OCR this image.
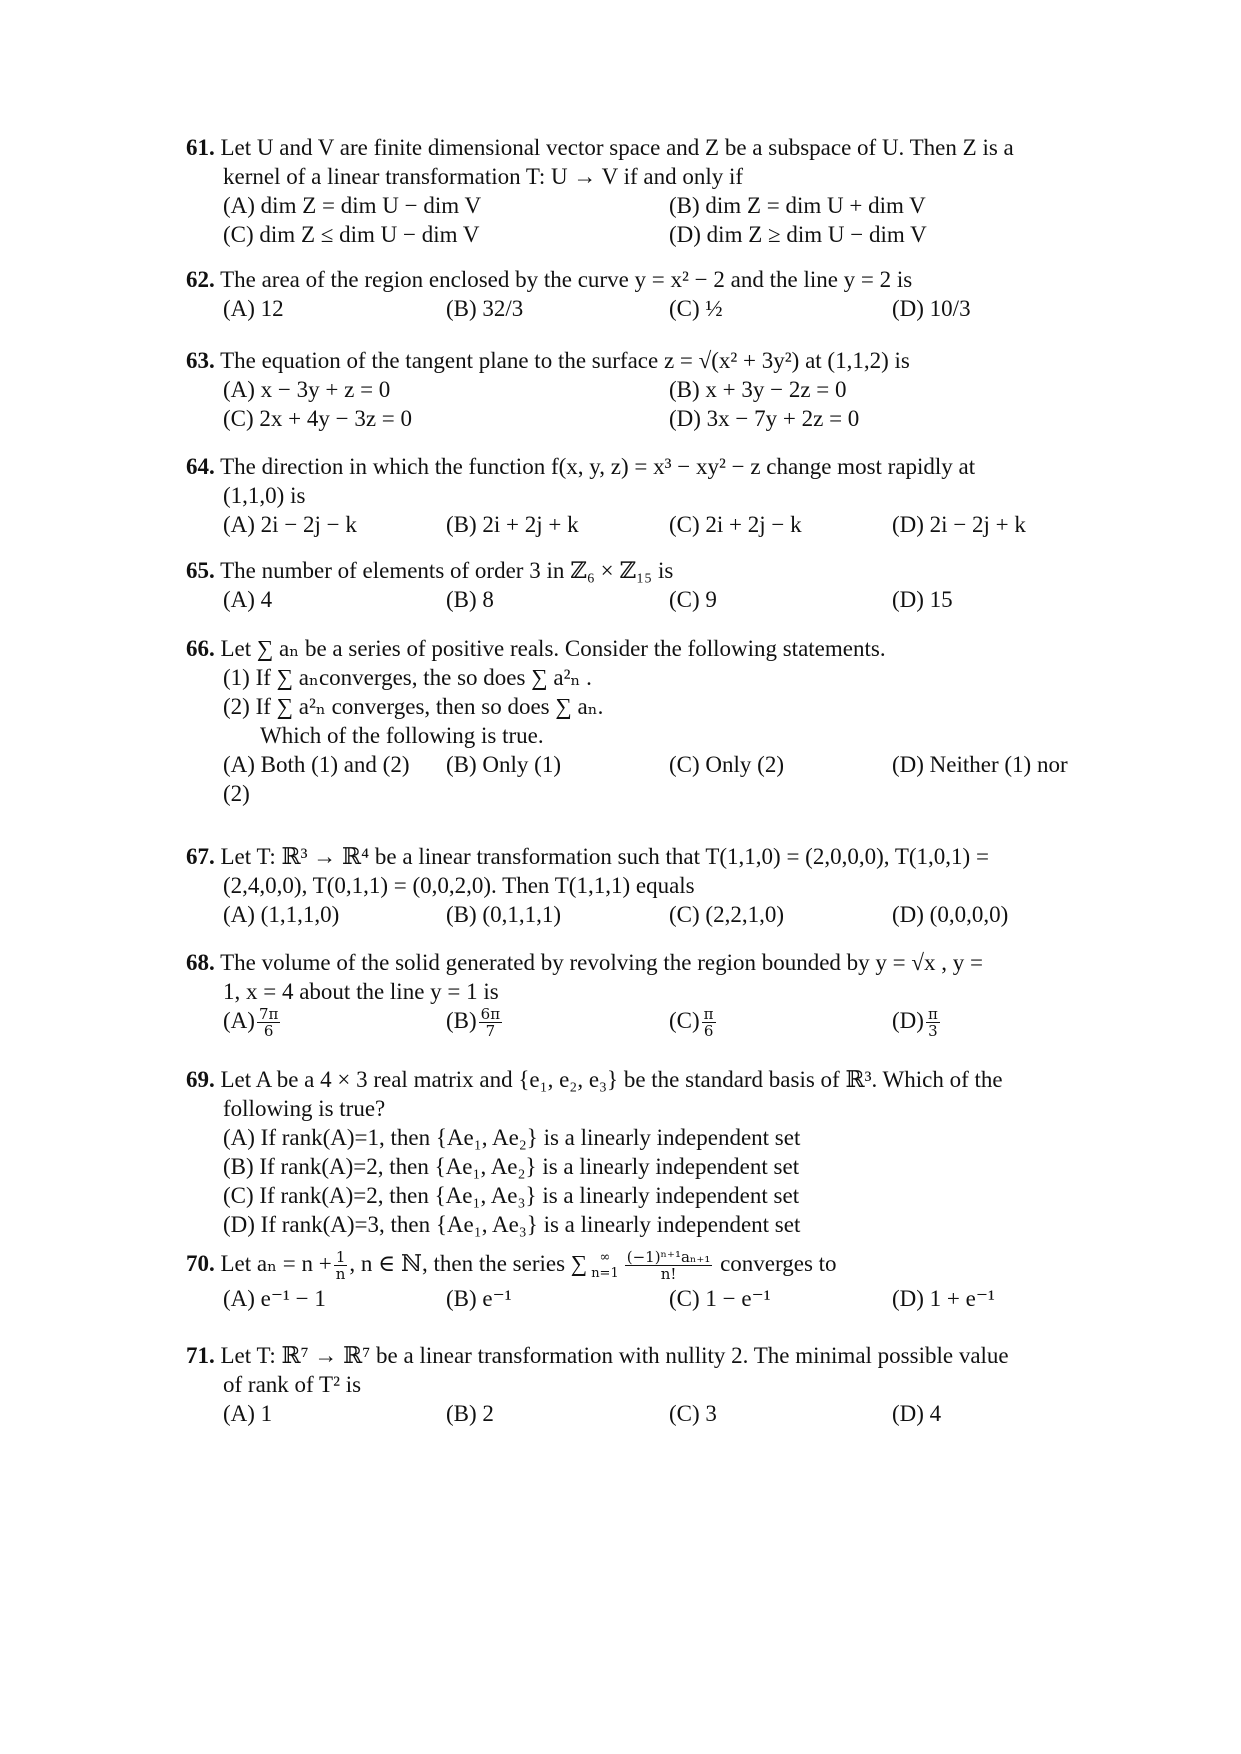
61. Let U and V are finite dimensional vector space and Z be a subspace of U. Then Z is a
kernel of a linear transformation T: U → V if and only if
(A) dim Z = dim U − dim V	(B) dim Z = dim U + dim V
(C) dim Z ≤ dim U − dim V	(D) dim Z ≥ dim U − dim V
62. The area of the region enclosed by the curve y = x² − 2 and the line y = 2 is
(A) 12	(B) 32/3	(C) ½	(D) 10/3
63. The equation of the tangent plane to the surface z = √(x² + 3y²) at (1,1,2) is
(A) x − 3y + z = 0	(B) x + 3y − 2z = 0
(C) 2x + 4y − 3z = 0	(D) 3x − 7y + 2z = 0
64. The direction in which the function f(x, y, z) = x³ − xy² − z change most rapidly at
(1,1,0) is
(A) 2i − 2j − k	(B) 2i + 2j + k	(C) 2i + 2j − k	(D) 2i − 2j + k
65. The number of elements of order 3 in ℤ₆ × ℤ₁₅ is
(A) 4	(B) 8	(C) 9	(D) 15
66. Let ∑ aₙ be a series of positive reals. Consider the following statements.
(1) If ∑ aₙconverges, the so does ∑ a²ₙ .
(2) If ∑ a²ₙ converges, then so does ∑ aₙ.
Which of the following is true.
(A) Both (1) and (2) (B) Only (1)	(C) Only (2)	(D) Neither (1) nor
(2)
67. Let T: ℝ³ → ℝ⁴ be a linear transformation such that T(1,1,0) = (2,0,0,0), T(1,0,1) =
(2,4,0,0), T(0,1,1) = (0,0,2,0). Then T(1,1,1) equals
(A) (1,1,1,0)	(B) (0,1,1,1)	(C) (2,2,1,0)	(D) (0,0,0,0)
68. The volume of the solid generated by revolving the region bounded by y = √x , y =
1, x = 4 about the line y = 1 is
$(A) \frac{7\pi}{6}$	$(B) \frac{6\pi}{7}$	$(C) \frac{\pi}{6}$	$(D) \frac{\pi}{3}$
69. Let A be a 4 × 3 real matrix and {e₁, e₂, e₃} be the standard basis of ℝ³. Which of the
following is true?
(A) If rank(A)=1, then {Ae₁, Ae₂} is a linearly independent set
(B) If rank(A)=2, then {Ae₁, Ae₂} is a linearly independent set
(C) If rank(A)=2, then {Ae₁, Ae₃} is a linearly independent set
(D) If rank(A)=3, then {Ae₁, Ae₃} is a linearly independent set
70. Let $a_n = n + \frac{1}{n}$ , n ∈ ℕ, then the series ∑ ∞
$n=1 \frac{\text{(−1)ⁿ⁺¹aₙ₊₁}}{n!}$ converges to
(A) e⁻¹ − 1	(B) e⁻¹	(C) 1 − e⁻¹	(D) 1 + e⁻¹
71. Let T: ℝ⁷ → ℝ⁷ be a linear transformation with nullity 2. The minimal possible value
of rank of T² is
(A) 1	(B) 2	(C) 3	(D) 4
